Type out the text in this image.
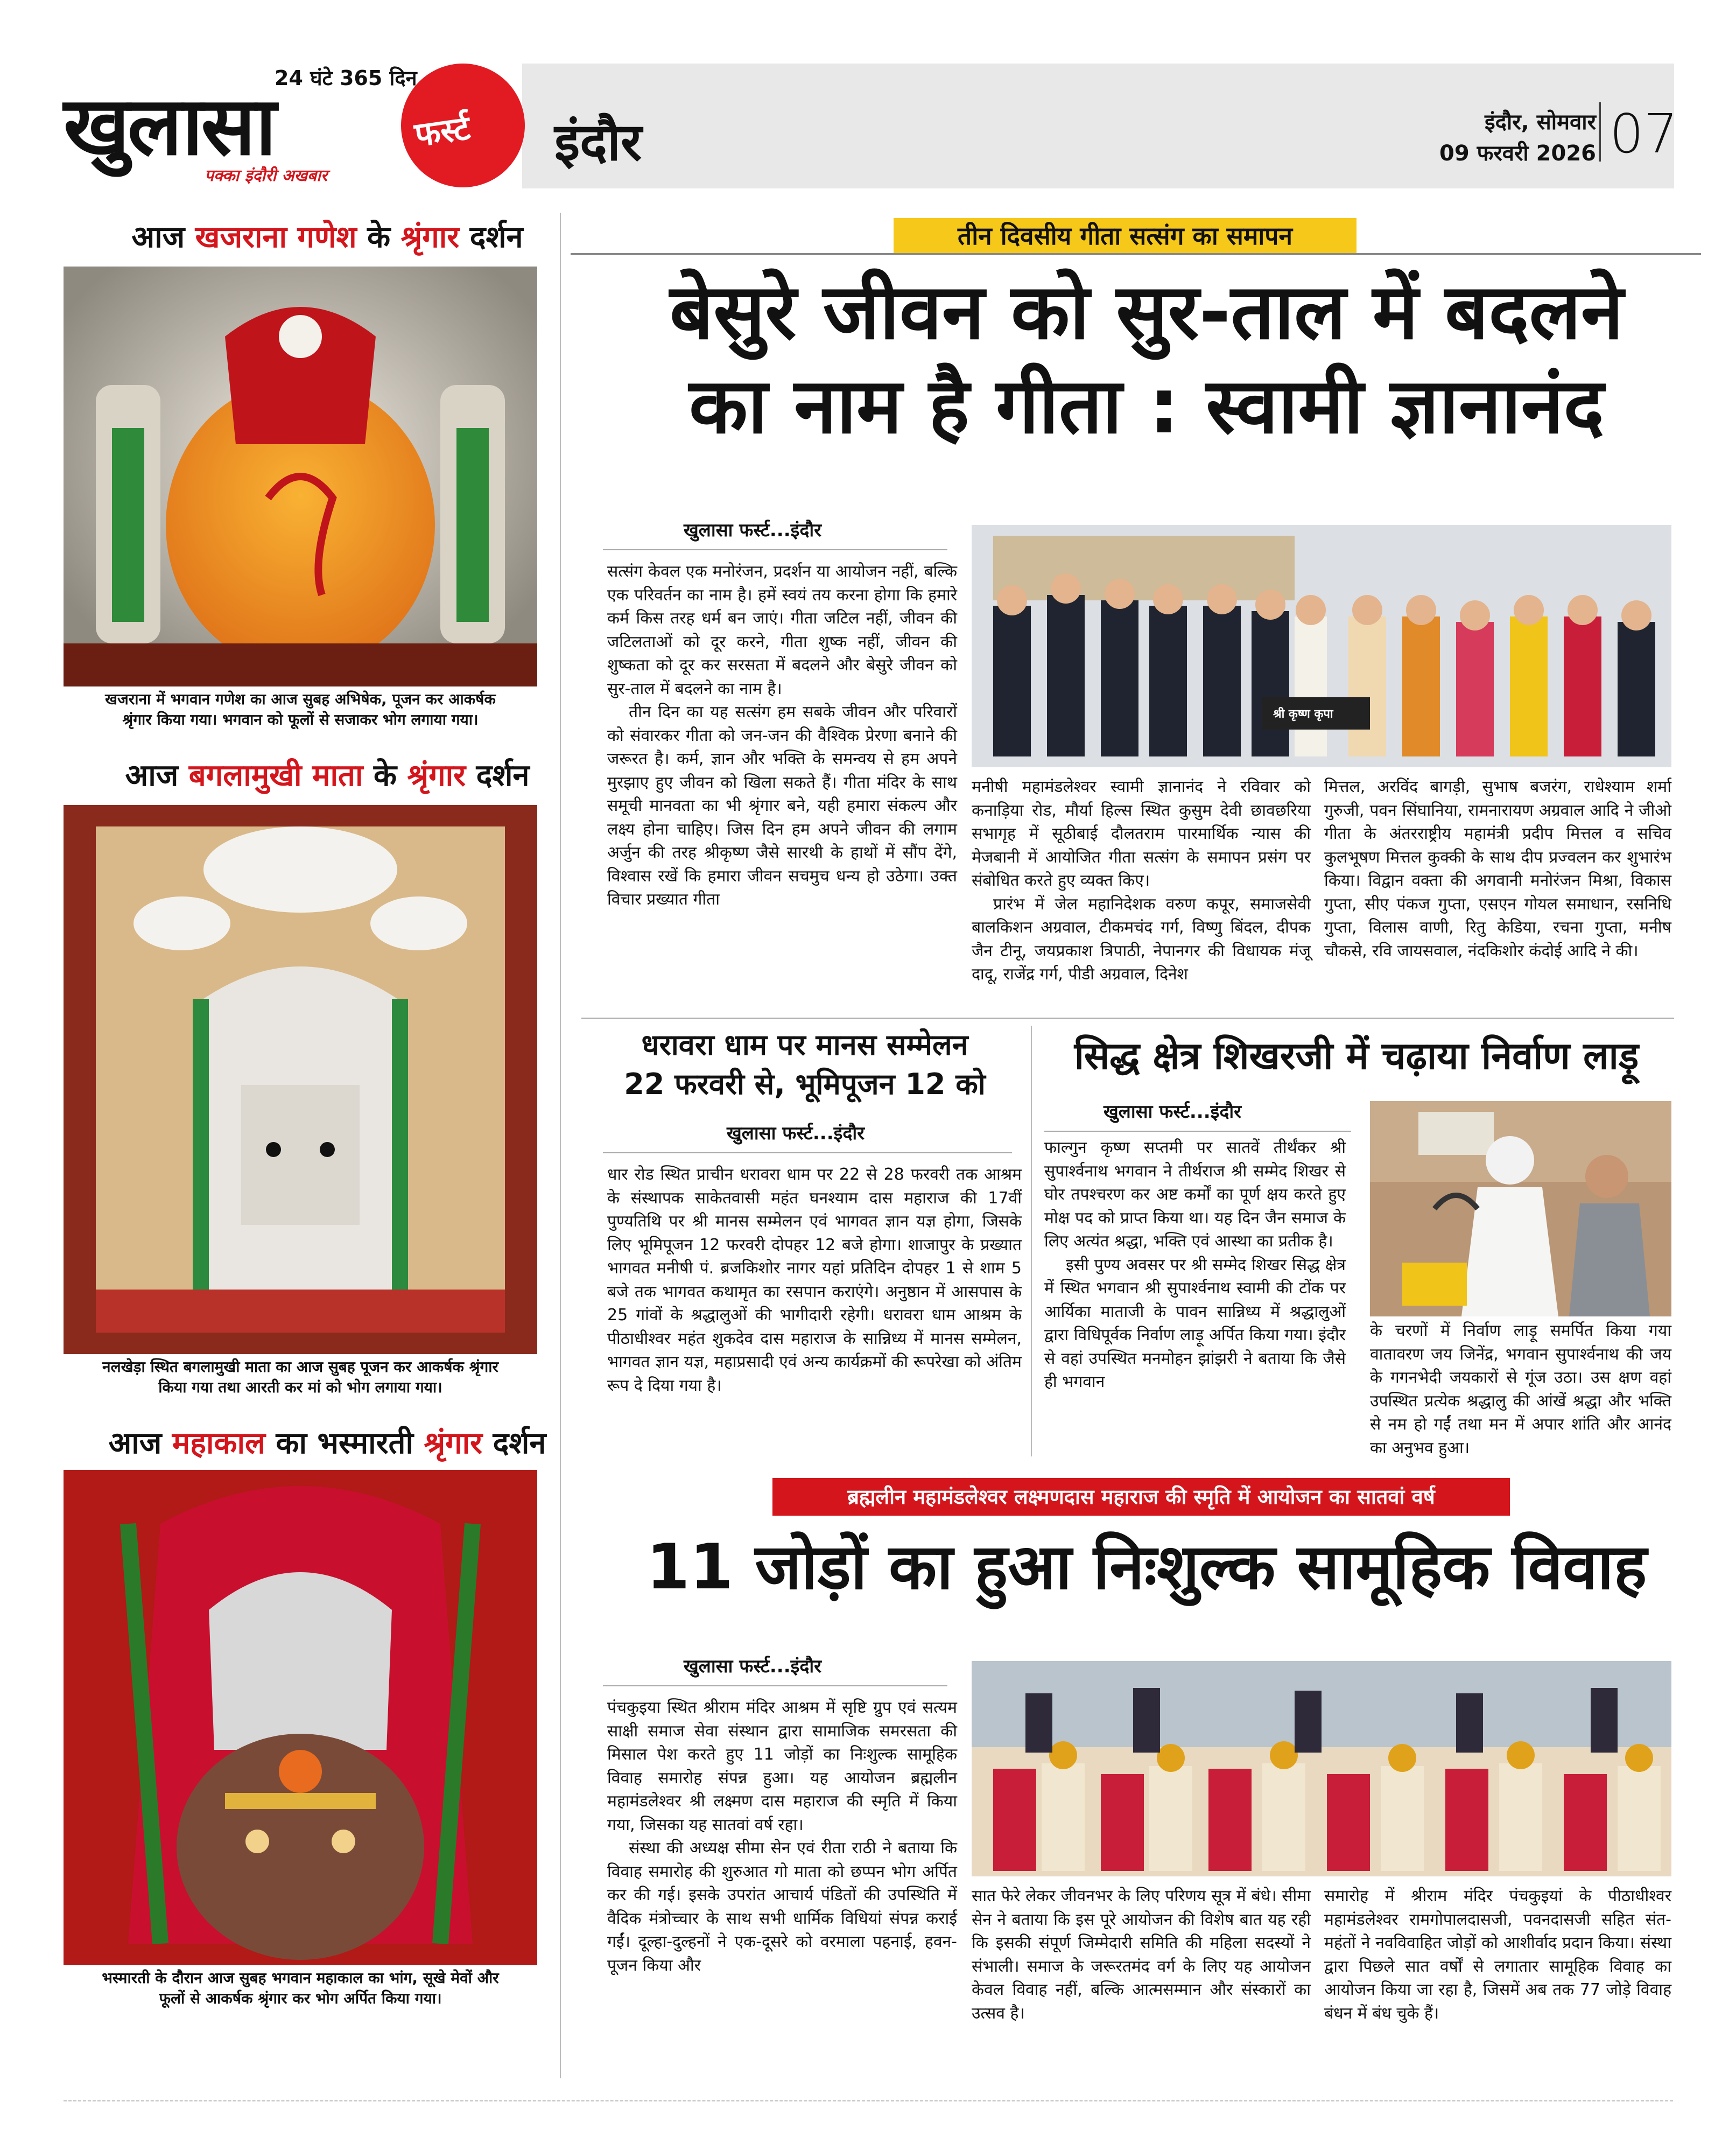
24 घंटे 365 दिन
खुलासा	फर्स्ट
पक्का इंदौरी अखबार
इंदौर	इंदौर, सोमवार
09 फरवरी 2026 07
आज खजराना गणेश के श्रृंगार दर्शन
खजराना में भगवान गणेश का आज सुबह अभिषेक, पूजन कर आकर्षक श्रृंगार किया गया। भगवान को फूलों से सजाकर भोग लगाया गया।
आज बगलामुखी माता के श्रृंगार दर्शन
नलखेड़ा स्थित बगलामुखी माता का आज सुबह पूजन कर आकर्षक श्रृंगार किया गया तथा आरती कर मां को भोग लगाया गया।
आज महाकाल का भस्मारती श्रृंगार दर्शन
भस्मारती के दौरान आज सुबह भगवान महाकाल का भांग, सूखे मेवों और फूलों से आकर्षक श्रृंगार कर भोग अर्पित किया गया।
तीन दिवसीय गीता सत्संग का समापन
बेसुरे जीवन को सुर-ताल में बदलने
का नाम है गीता : स्वामी ज्ञानानंद
खुलासा फर्स्ट...इंदौर
सत्संग केवल एक मनोरंजन, प्रदर्शन या आयोजन नहीं, बल्कि एक परिवर्तन का नाम है। हमें स्वयं तय करना होगा कि हमारे कर्म किस तरह धर्म बन जाएं। गीता जटिल नहीं, जीवन की जटिलताओं को दूर करने, गीता शुष्क नहीं, जीवन की शुष्कता को दूर कर सरसता में बदलने और बेसुरे जीवन को सुर-ताल में बदलने का नाम है।
तीन दिन का यह सत्संग हम सबके जीवन और परिवारों को संवारकर गीता को जन-जन की वैश्विक प्रेरणा बनाने की जरूरत है। कर्म, ज्ञान और भक्ति के समन्वय से हम अपने मुरझाए हुए जीवन को खिला सकते हैं। गीता मंदिर के साथ समूची मानवता का भी श्रृंगार बने, यही हमारा संकल्प और लक्ष्य होना चाहिए। जिस दिन हम अपने जीवन की लगाम अर्जुन की तरह श्रीकृष्ण जैसे सारथी के हाथों में सौंप देंगे, विश्वास रखें कि हमारा जीवन सचमुच धन्य हो उठेगा। उक्त विचार प्रख्यात गीता
श्री कृष्ण कृपा
मनीषी महामंडलेश्वर स्वामी ज्ञानानंद ने रविवार को कनाड़िया रोड, मौर्या हिल्स स्थित कुसुम देवी छावछरिया सभागृह में सूठीबाई दौलतराम पारमार्थिक न्यास की मेजबानी में आयोजित गीता सत्संग के समापन प्रसंग पर संबोधित करते हुए व्यक्त किए।
प्रारंभ में जेल महानिदेशक वरुण कपूर, समाजसेवी बालकिशन अग्रवाल, टीकमचंद गर्ग, विष्णु बिंदल, दीपक जैन टीनू, जयप्रकाश त्रिपाठी, नेपानगर की विधायक मंजू दादू, राजेंद्र गर्ग, पीडी अग्रवाल, दिनेश
मित्तल, अरविंद बागड़ी, सुभाष बजरंग, राधेश्याम शर्मा गुरुजी, पवन सिंघानिया, रामनारायण अग्रवाल आदि ने जीओ गीता के अंतरराष्ट्रीय महामंत्री प्रदीप मित्तल व सचिव कुलभूषण मित्तल कुक्की के साथ दीप प्रज्वलन कर शुभारंभ किया। विद्वान वक्ता की अगवानी मनोरंजन मिश्रा, विकास गुप्ता, सीए पंकज गुप्ता, एसएन गोयल समाधान, रसनिधि गुप्ता, विलास वाणी, रितु केडिया, रचना गुप्ता, मनीष चौकसे, रवि जायसवाल, नंदकिशोर कंदोई आदि ने की।
धरावरा धाम पर मानस सम्मेलन
22 फरवरी से, भूमिपूजन 12 को
खुलासा फर्स्ट...इंदौर
धार रोड स्थित प्राचीन धरावरा धाम पर 22 से 28 फरवरी तक आश्रम के संस्थापक साकेतवासी महंत घनश्याम दास महाराज की 17वीं पुण्यतिथि पर श्री मानस सम्मेलन एवं भागवत ज्ञान यज्ञ होगा, जिसके लिए भूमिपूजन 12 फरवरी दोपहर 12 बजे होगा। शाजापुर के प्रख्यात भागवत मनीषी पं. ब्रजकिशोर नागर यहां प्रतिदिन दोपहर 1 से शाम 5 बजे तक भागवत कथामृत का रसपान कराएंगे। अनुष्ठान में आसपास के 25 गांवों के श्रद्धालुओं की भागीदारी रहेगी। धरावरा धाम आश्रम के पीठाधीश्वर महंत शुकदेव दास महाराज के सान्निध्य में मानस सम्मेलन, भागवत ज्ञान यज्ञ, महाप्रसादी एवं अन्य कार्यक्रमों की रूपरेखा को अंतिम रूप दे दिया गया है।
सिद्ध क्षेत्र शिखरजी में चढ़ाया निर्वाण लाड़ू
खुलासा फर्स्ट...इंदौर
फाल्गुन कृष्ण सप्तमी पर सातवें तीर्थंकर श्री सुपार्श्वनाथ भगवान ने तीर्थराज श्री सम्मेद शिखर से घोर तपश्चरण कर अष्ट कर्मों का पूर्ण क्षय करते हुए मोक्ष पद को प्राप्त किया था। यह दिन जैन समाज के लिए अत्यंत श्रद्धा, भक्ति एवं आस्था का प्रतीक है।
इसी पुण्य अवसर पर श्री सम्मेद शिखर सिद्ध क्षेत्र में स्थित भगवान श्री सुपार्श्वनाथ स्वामी की टोंक पर आर्यिका माताजी के पावन सान्निध्य में श्रद्धालुओं द्वारा विधिपूर्वक निर्वाण लाड़ू अर्पित किया गया। इंदौर से वहां उपस्थित मनमोहन झांझरी ने बताया कि जैसे ही भगवान
के चरणों में निर्वाण लाड़ू समर्पित किया गया वातावरण जय जिनेंद्र, भगवान सुपार्श्वनाथ की जय के गगनभेदी जयकारों से गूंज उठा। उस क्षण वहां उपस्थित प्रत्येक श्रद्धालु की आंखें श्रद्धा और भक्ति से नम हो गईं तथा मन में अपार शांति और आनंद का अनुभव हुआ।
ब्रह्मलीन महामंडलेश्वर लक्ष्मणदास महाराज की स्मृति में आयोजन का सातवां वर्ष
11 जोड़ों का हुआ निःशुल्क सामूहिक विवाह
खुलासा फर्स्ट...इंदौर
पंचकुइया स्थित श्रीराम मंदिर आश्रम में सृष्टि ग्रुप एवं सत्यम साक्षी समाज सेवा संस्थान द्वारा सामाजिक समरसता की मिसाल पेश करते हुए 11 जोड़ों का निःशुल्क सामूहिक विवाह समारोह संपन्न हुआ। यह आयोजन ब्रह्मलीन महामंडलेश्वर श्री लक्ष्मण दास महाराज की स्मृति में किया गया, जिसका यह सातवां वर्ष रहा।
संस्था की अध्यक्ष सीमा सेन एवं रीता राठी ने बताया कि विवाह समारोह की शुरुआत गो माता को छप्पन भोग अर्पित कर की गई। इसके उपरांत आचार्य पंडितों की उपस्थिति में वैदिक मंत्रोच्चार के साथ सभी धार्मिक विधियां संपन्न कराई गईं। दूल्हा-दुल्हनों ने एक-दूसरे को वरमाला पहनाई, हवन-पूजन किया और
सात फेरे लेकर जीवनभर के लिए परिणय सूत्र में बंधे। सीमा सेन ने बताया कि इस पूरे आयोजन की विशेष बात यह रही कि इसकी संपूर्ण जिम्मेदारी समिति की महिला सदस्यों ने संभाली। समाज के जरूरतमंद वर्ग के लिए यह आयोजन केवल विवाह नहीं, बल्कि आत्मसम्मान और संस्कारों का उत्सव है।
समारोह में श्रीराम मंदिर पंचकुइयां के पीठाधीश्वर महामंडलेश्वर रामगोपालदासजी, पवनदासजी सहित संत-महंतों ने नवविवाहित जोड़ों को आशीर्वाद प्रदान किया। संस्था द्वारा पिछले सात वर्षों से लगातार सामूहिक विवाह का आयोजन किया जा रहा है, जिसमें अब तक 77 जोड़े विवाह बंधन में बंध चुके हैं।
